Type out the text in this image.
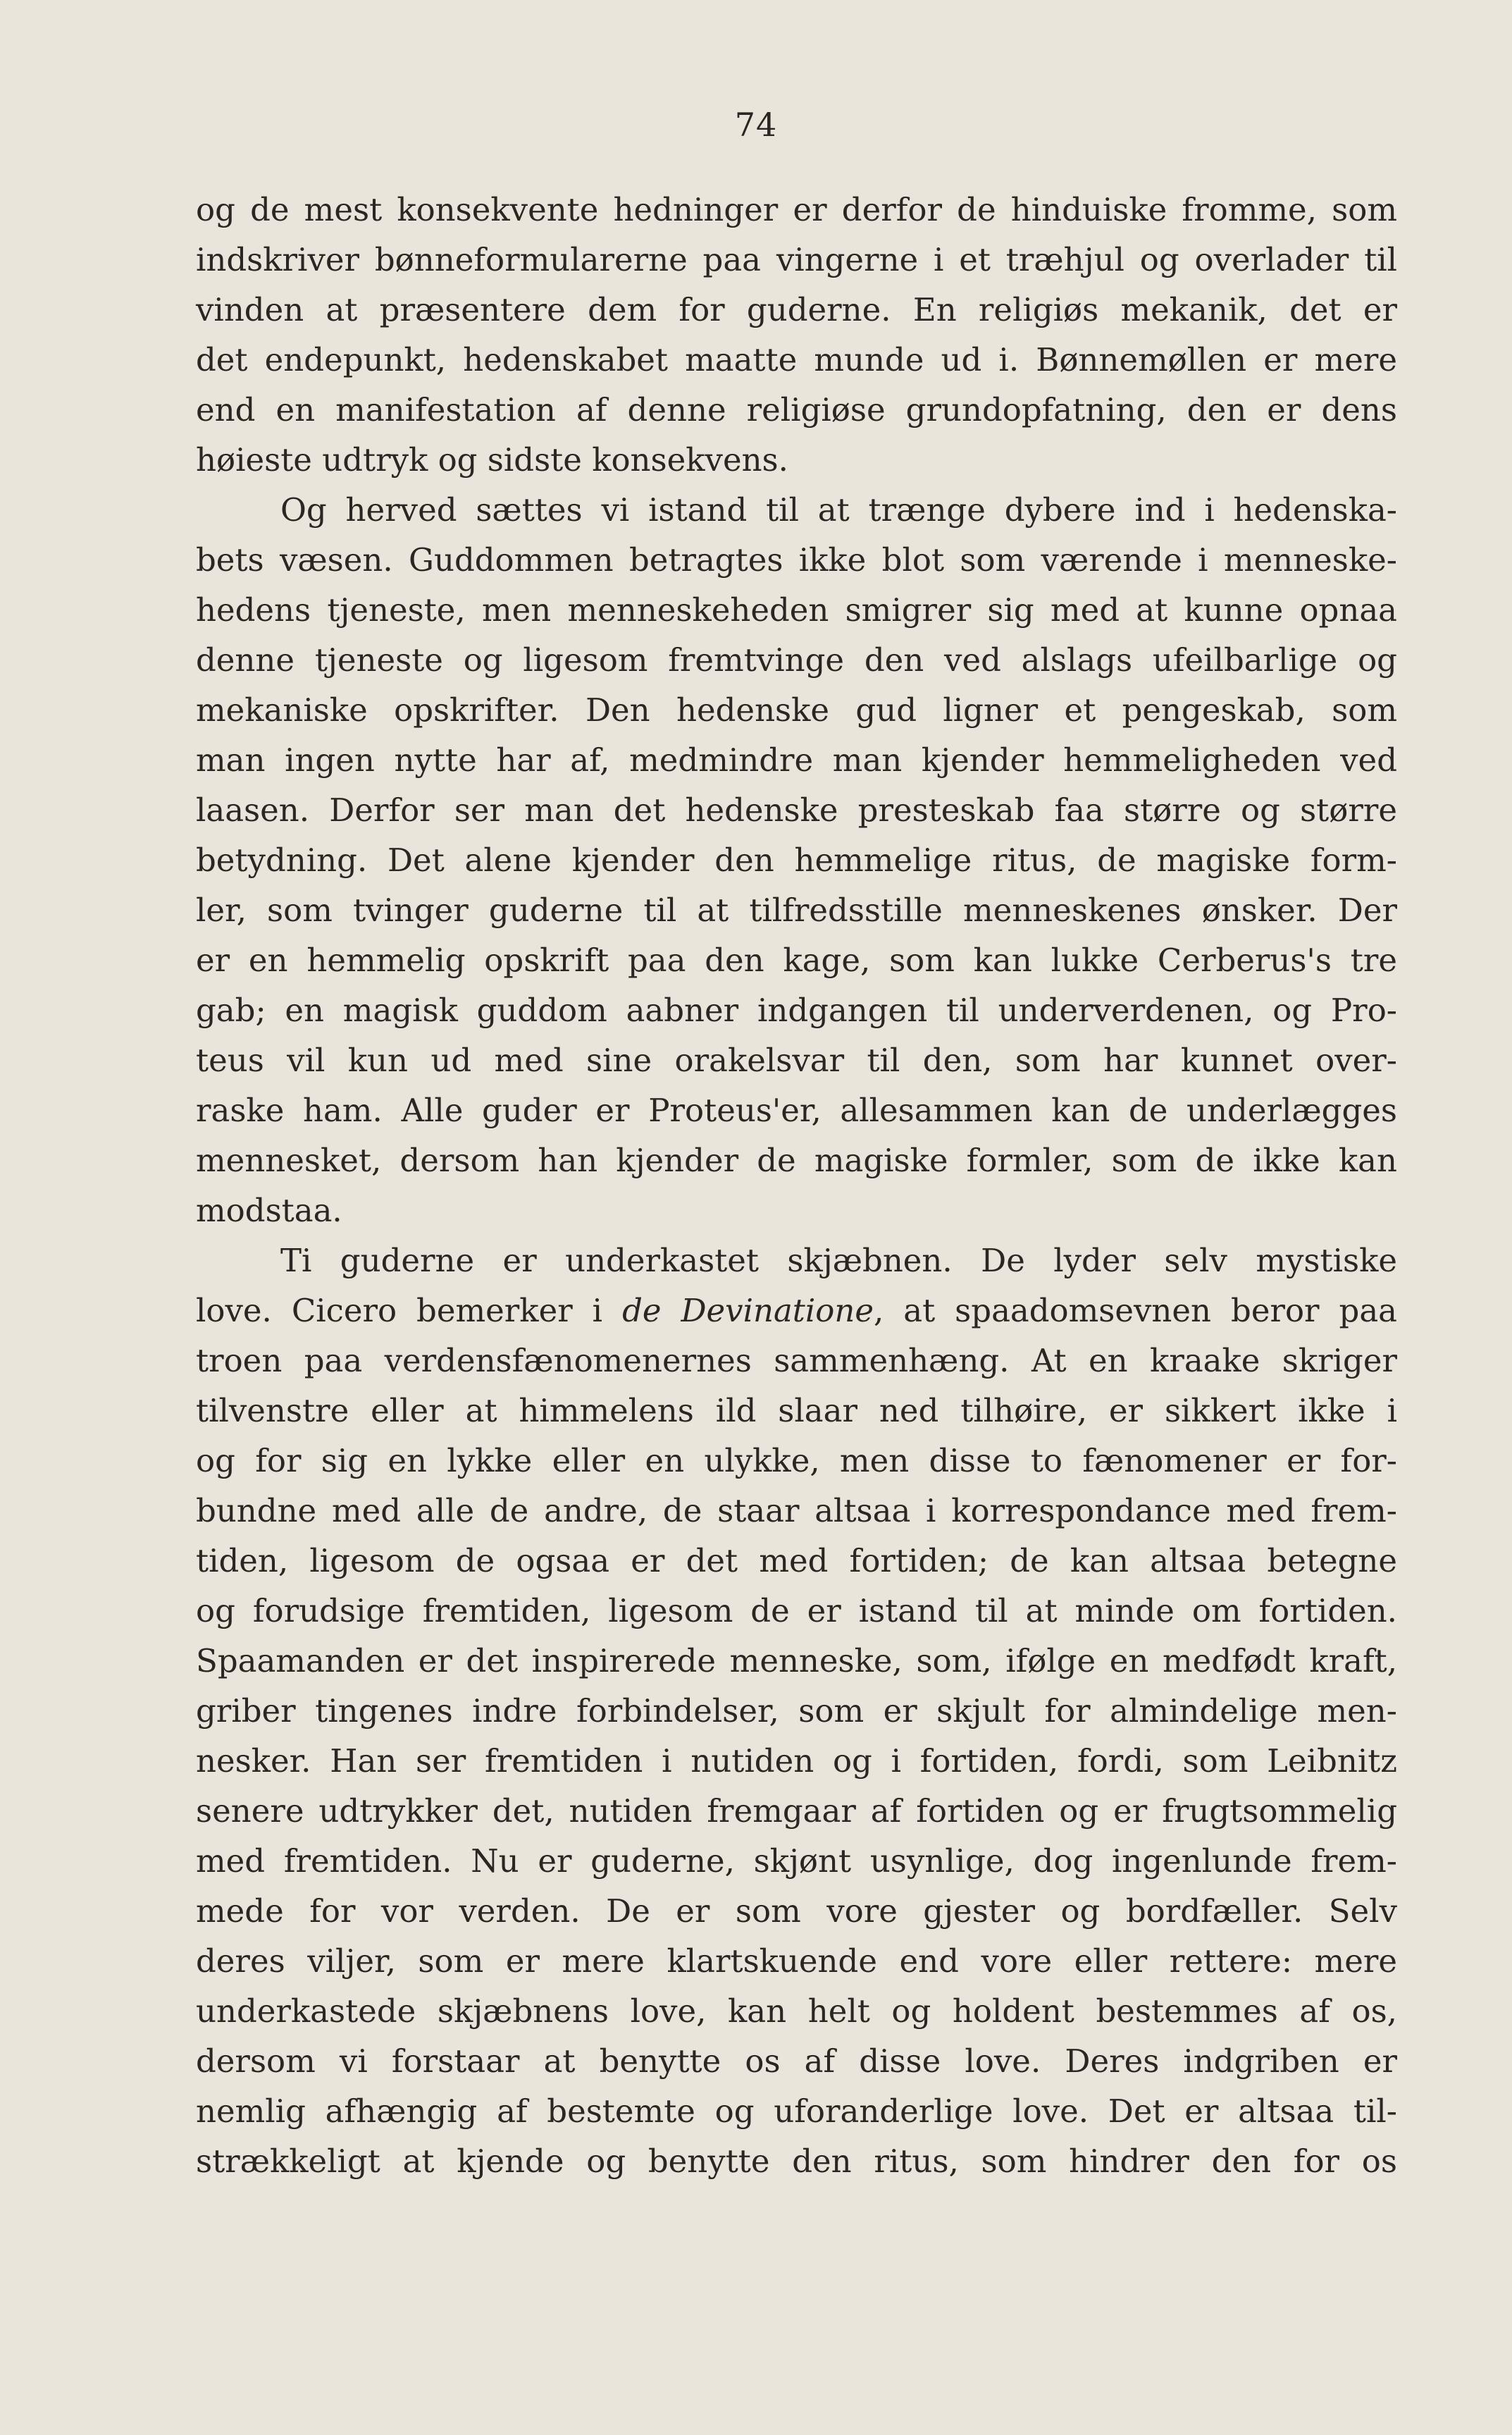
74
og de mest konsekvente hedninger er derfor de hinduiske fromme, som
indskriver bønneformularerne paa vingerne i et træhjul og overlader til
vinden at præsentere dem for guderne. En religiøs mekanik, det er
det endepunkt, hedenskabet maatte munde ud i. Bønnemøllen er mere
end en manifestation af denne religiøse grundopfatning, den er dens
høieste udtryk og sidste konsekvens.
Og herved sættes vi istand til at trænge dybere ind i hedenska-
bets væsen. Guddommen betragtes ikke blot som værende i menneske-
hedens tjeneste, men menneskeheden smigrer sig med at kunne opnaa
denne tjeneste og ligesom fremtvinge den ved alslags ufeilbarlige og
mekaniske opskrifter. Den hedenske gud ligner et pengeskab, som
man ingen nytte har af, medmindre man kjender hemmeligheden ved
laasen. Derfor ser man det hedenske presteskab faa større og større
betydning. Det alene kjender den hemmelige ritus, de magiske form-
ler, som tvinger guderne til at tilfredsstille menneskenes ønsker. Der
er en hemmelig opskrift paa den kage, som kan lukke Cerberus's tre
gab; en magisk guddom aabner indgangen til underverdenen, og Pro-
teus vil kun ud med sine orakelsvar til den, som har kunnet over-
raske ham. Alle guder er Proteus'er, allesammen kan de underlægges
mennesket, dersom han kjender de magiske formler, som de ikke kan
modstaa.
Ti guderne er underkastet skjæbnen. De lyder selv mystiske
love. Cicero bemerker i de Devinatione, at spaadomsevnen beror paa
troen paa verdensfænomenernes sammenhæng. At en kraake skriger
tilvenstre eller at himmelens ild slaar ned tilhøire, er sikkert ikke i
og for sig en lykke eller en ulykke, men disse to fænomener er for-
bundne med alle de andre, de staar altsaa i korrespondance med frem-
tiden, ligesom de ogsaa er det med fortiden; de kan altsaa betegne
og forudsige fremtiden, ligesom de er istand til at minde om fortiden.
Spaamanden er det inspirerede menneske, som, ifølge en medfødt kraft,
griber tingenes indre forbindelser, som er skjult for almindelige men-
nesker. Han ser fremtiden i nutiden og i fortiden, fordi, som Leibnitz
senere udtrykker det, nutiden fremgaar af fortiden og er frugtsommelig
med fremtiden. Nu er guderne, skjønt usynlige, dog ingenlunde frem-
mede for vor verden. De er som vore gjester og bordfæller. Selv
deres viljer, som er mere klartskuende end vore eller rettere: mere
underkastede skjæbnens love, kan helt og holdent bestemmes af os,
dersom vi forstaar at benytte os af disse love. Deres indgriben er
nemlig afhængig af bestemte og uforanderlige love. Det er altsaa til-
strækkeligt at kjende og benytte den ritus, som hindrer den for os
